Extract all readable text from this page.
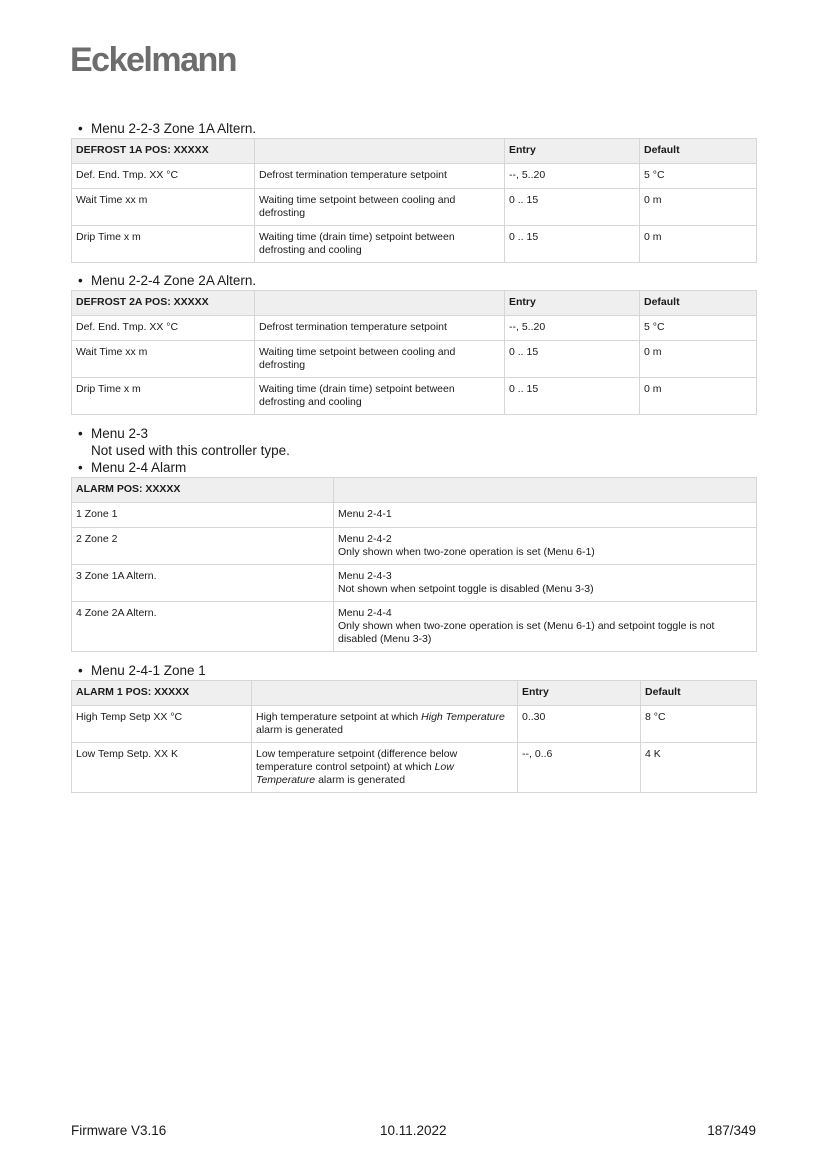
Eckelmann
• Menu 2-2-3 Zone 1A Altern.
DEFROST 1A POS: XXXXX		Entry	Default
Def. End. Tmp. XX °C	Defrost termination temperature setpoint	--, 5..20	5 °C
Wait Time xx m	Waiting time setpoint between cooling and defrosting	0 .. 15	0 m
Drip Time x m	Waiting time (drain time) setpoint between defrosting and cooling	0 .. 15	0 m
• Menu 2-2-4 Zone 2A Altern.
DEFROST 2A POS: XXXXX		Entry	Default
Def. End. Tmp. XX °C	Defrost termination temperature setpoint	--, 5..20	5 °C
Wait Time xx m	Waiting time setpoint between cooling and defrosting	0 .. 15	0 m
Drip Time x m	Waiting time (drain time) setpoint between defrosting and cooling	0 .. 15	0 m
• Menu 2-3
Not used with this controller type.
• Menu 2-4 Alarm
ALARM POS: XXXXX	
1 Zone 1	Menu 2-4-1
2 Zone 2	Menu 2-4-2
Only shown when two-zone operation is set (Menu 6-1)
3 Zone 1A Altern.	Menu 2-4-3
Not shown when setpoint toggle is disabled (Menu 3-3)
4 Zone 2A Altern.	Menu 2-4-4
Only shown when two-zone operation is set (Menu 6-1) and setpoint toggle is not disabled (Menu 3-3)
• Menu 2-4-1 Zone 1
ALARM 1 POS: XXXXX		Entry	Default
High Temp Setp XX °C	High temperature setpoint at which High Temperature alarm is generated	0..30	8 °C
Low Temp Setp. XX K	Low temperature setpoint (difference below temperature control setpoint) at which Low Temperature alarm is generated	--, 0..6	4 K
Firmware V3.16	10.11.2022	187/349
